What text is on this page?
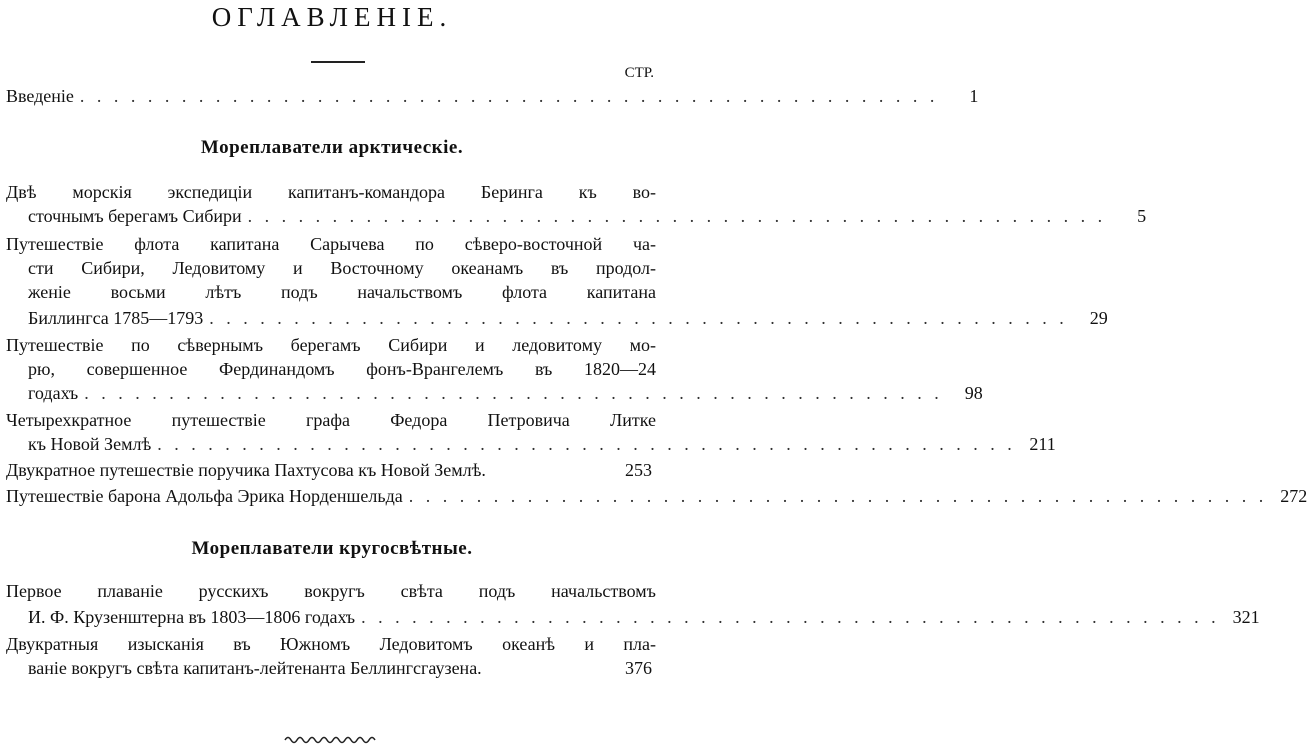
ОГЛАВЛЕНІЕ.
СТР.
Введеніе . . . . . . . . . . . . . . . . . . . . . . . . . . . . . . . . . . . . . . . . . . . . . . . . . . .	1
Мореплаватели арктическіе.
Двѣ морскія экспедиціи капитанъ-командора Беринга къ во-
сточнымъ берегамъ Сибири . . . . . . . . . . . . . . . . . . . . . . . . . . . . . . . . . . . . . . . . . . . . . . . . . . .	5
Путешествіе флота капитана Сарычева по сѣверо-восточной ча-
сти Сибири, Ледовитому и Восточному океанамъ въ продол-
женіе восьми лѣтъ подъ начальствомъ флота капитана
Биллингса 1785—1793 . . . . . . . . . . . . . . . . . . . . . . . . . . . . . . . . . . . . . . . . . . . . . . . . . . .	29
Путешествіе по сѣвернымъ берегамъ Сибири и ледовитому мо-
рю, совершенное Фердинандомъ фонъ-Врангелемъ въ 1820—24
годахъ . . . . . . . . . . . . . . . . . . . . . . . . . . . . . . . . . . . . . . . . . . . . . . . . . . .	98
Четырехкратное путешествіе графа Федора Петровича Литке
къ Новой Землѣ . . . . . . . . . . . . . . . . . . . . . . . . . . . . . . . . . . . . . . . . . . . . . . . . . . . 211
Двукратное путешествіе поручика Пахтусова къ Новой Землѣ.	253
Путешествіе барона Адольфа Эрика Норденшельда . . . . . . . . . . . . . . . . . . . . . . . . . . . . . . . . . . . . . . . . . . . . . . . . . . . 272
Мореплаватели кругосвѣтные.
Первое плаваніе русскихъ вокругъ свѣта подъ начальствомъ
И. Ф. Крузенштерна въ 1803—1806 годахъ . . . . . . . . . . . . . . . . . . . . . . . . . . . . . . . . . . . . . . . . . . . . . . . . . . . 321
Двукратныя изысканія въ Южномъ Ледовитомъ океанѣ и пла-
ваніе вокругъ свѣта капитанъ-лейтенанта Беллингсгаузена.	376
